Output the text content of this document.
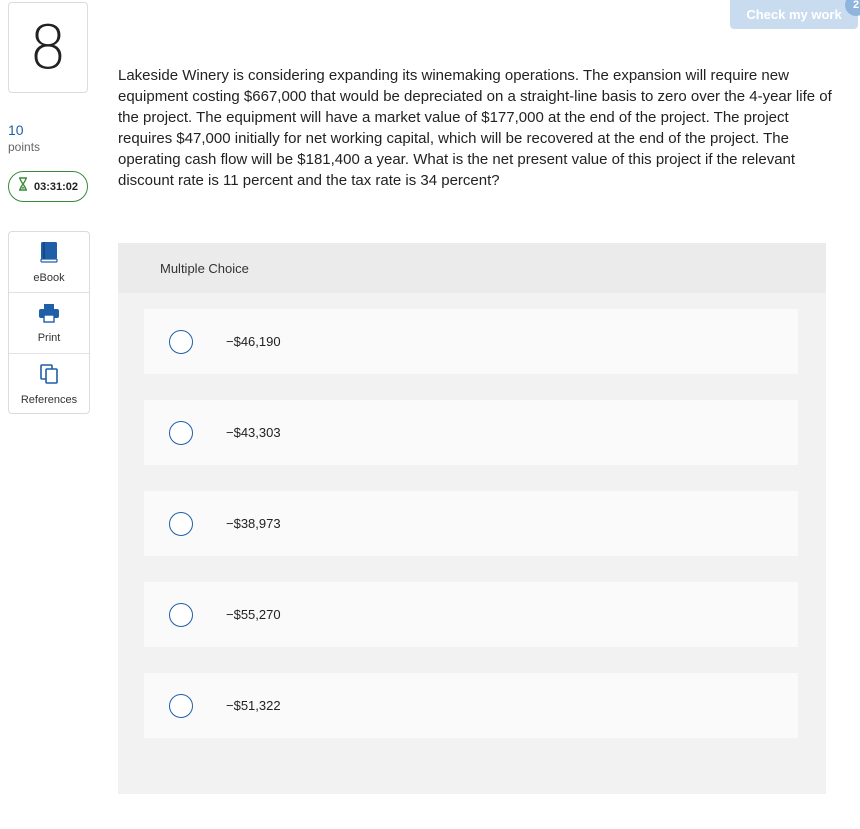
Check my work
2
8
10
points
03:31:02
eBook
Print
References
Lakeside Winery is considering expanding its winemaking operations. The expansion will require new equipment costing $667,000 that would be depreciated on a straight-line basis to zero over the 4-year life of the project. The equipment will have a market value of $177,000 at the end of the project. The project requires $47,000 initially for net working capital, which will be recovered at the end of the project. The operating cash flow will be $181,400 a year. What is the net present value of this project if the relevant discount rate is 11 percent and the tax rate is 34 percent?
Multiple Choice
−$46,190
−$43,303
−$38,973
−$55,270
−$51,322
